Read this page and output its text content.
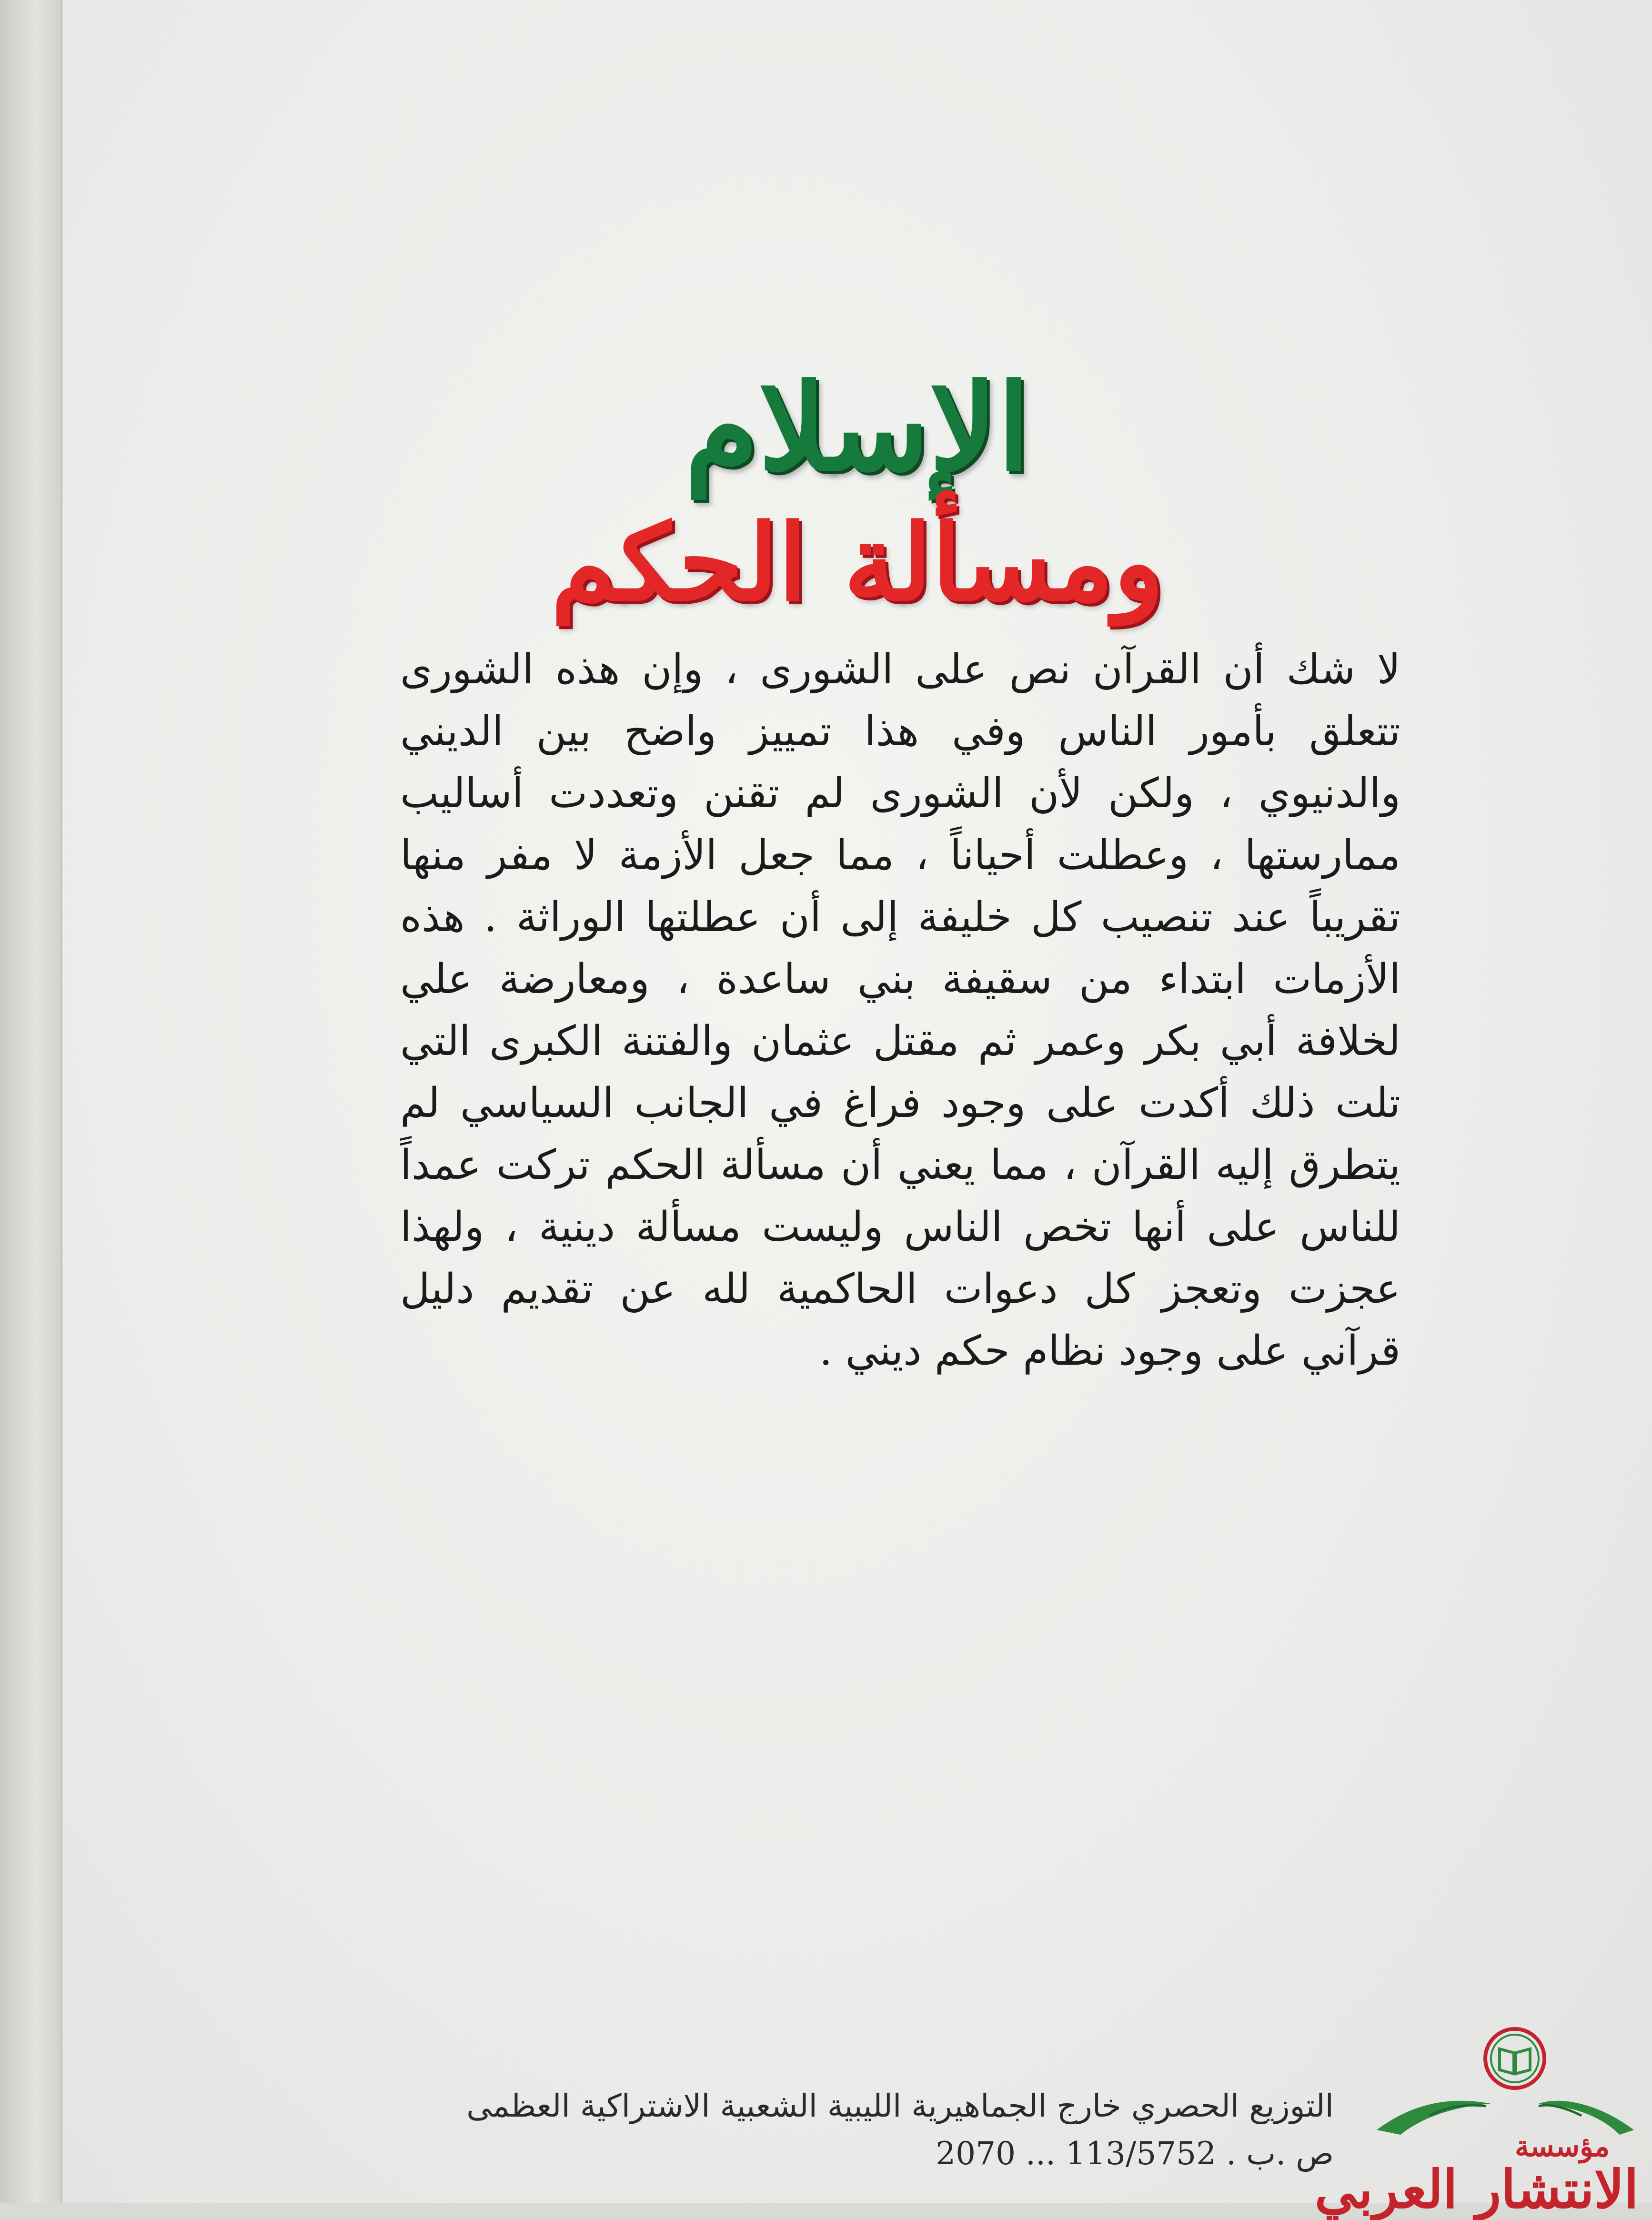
الإسلام
ومسألة الحكم
لا شك أن القرآن نص على الشورى ، وإن هذه الشورى
تتعلق بأمور الناس وفي هذا تمييز واضح بين الديني
والدنيوي ، ولكن لأن الشورى لم تقنن وتعددت أساليب
ممارستها ، وعطلت أحياناً ، مما جعل الأزمة لا مفر منها
تقريباً عند تنصيب كل خليفة إلى أن عطلتها الوراثة . هذه
الأزمات ابتداء من سقيفة بني ساعدة ، ومعارضة علي
لخلافة أبي بكر وعمر ثم مقتل عثمان والفتنة الكبرى التي
تلت ذلك أكدت على وجود فراغ في الجانب السياسي لم
يتطرق إليه القرآن ، مما يعني أن مسألة الحكم تركت عمداً
للناس على أنها تخص الناس وليست مسألة دينية ، ولهذا
عجزت وتعجز كل دعوات الحاكمية لله عن تقديم دليل
قرآني على وجود نظام حكم ديني .
التوزيع الحصري خارج الجماهيرية الليبية الشعبية الاشتراكية العظمى
ص .ب . 113/5752 ... 2070	مؤسسة
الانتشار العربي
